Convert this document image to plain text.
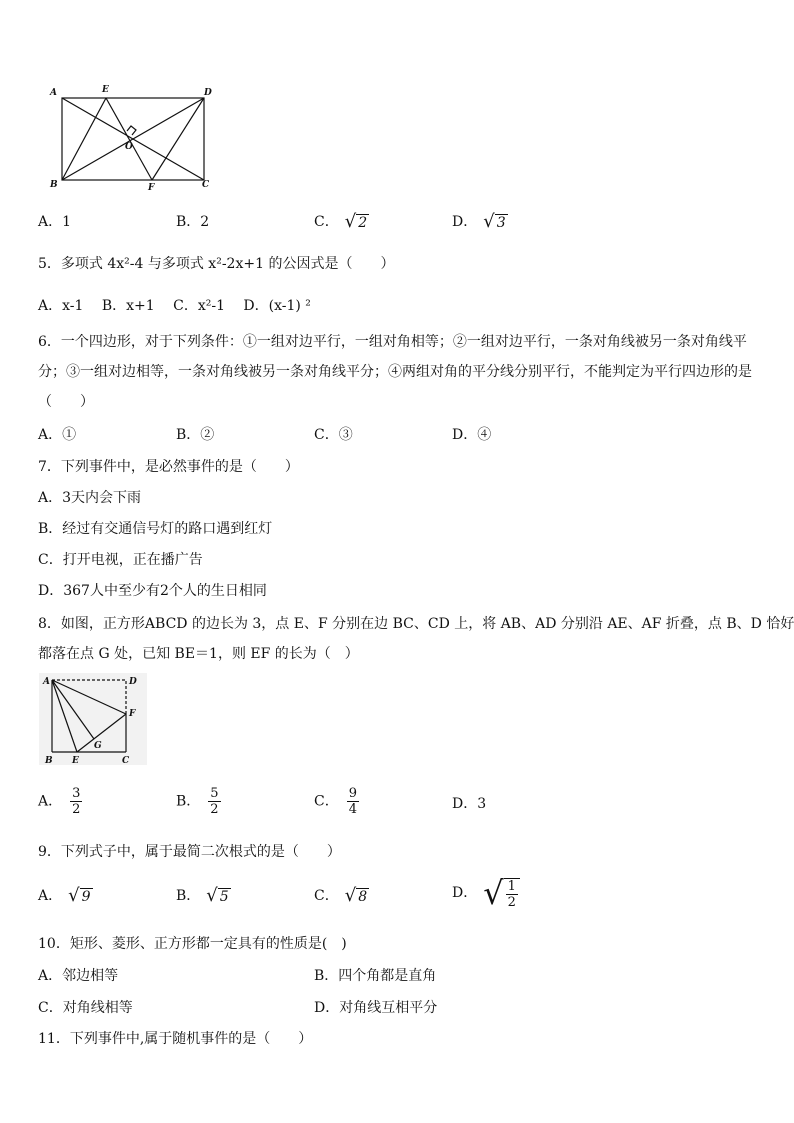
A	E	D
O
B	F	C
A．1	B．2	C． √ 2	D． √ 3
5．多项式 4x²-4 与多项式 x²-2x+1 的公因式是（　　）
A．x-1　 B．x+1　 C．x²-1　 D．(x-1) ²
6．一个四边形，对于下列条件：①一组对边平行，一组对角相等；②一组对边平行，一条对角线被另一条对角线平
分；③一组对边相等，一条对角线被另一条对角线平分；④两组对角的平分线分别平行，不能判定为平行四边形的是
（　　）
A．①	B．②	C．③	D．④
7．下列事件中，是必然事件的是（　　）
A．3天内会下雨
B．经过有交通信号灯的路口遇到红灯
C．打开电视，正在播广告
D．367人中至少有2个人的生日相同
8．如图，正方形ABCD 的边长为 3，点 E、F 分别在边 BC、CD 上，将 AB、AD 分别沿 AE、AF 折叠，点 B、D 恰好
都落在点 G 处，已知 BE＝1，则 EF 的长为（　）
A	D
F
G
B E	C
A． $\frac{3}{2}$	B． $\frac{5}{2}$	C． $\frac{9}{4}$	D．3
9．下列式子中，属于最简二次根式的是（　　）
A． √ 9	B． √ 5	C． √ 8	D． √ $\frac{1}{2}$
10．矩形、菱形、正方形都一定具有的性质是(　)
A．邻边相等	B．四个角都是直角
C．对角线相等	D．对角线互相平分
11．下列事件中,属于随机事件的是（　　）
